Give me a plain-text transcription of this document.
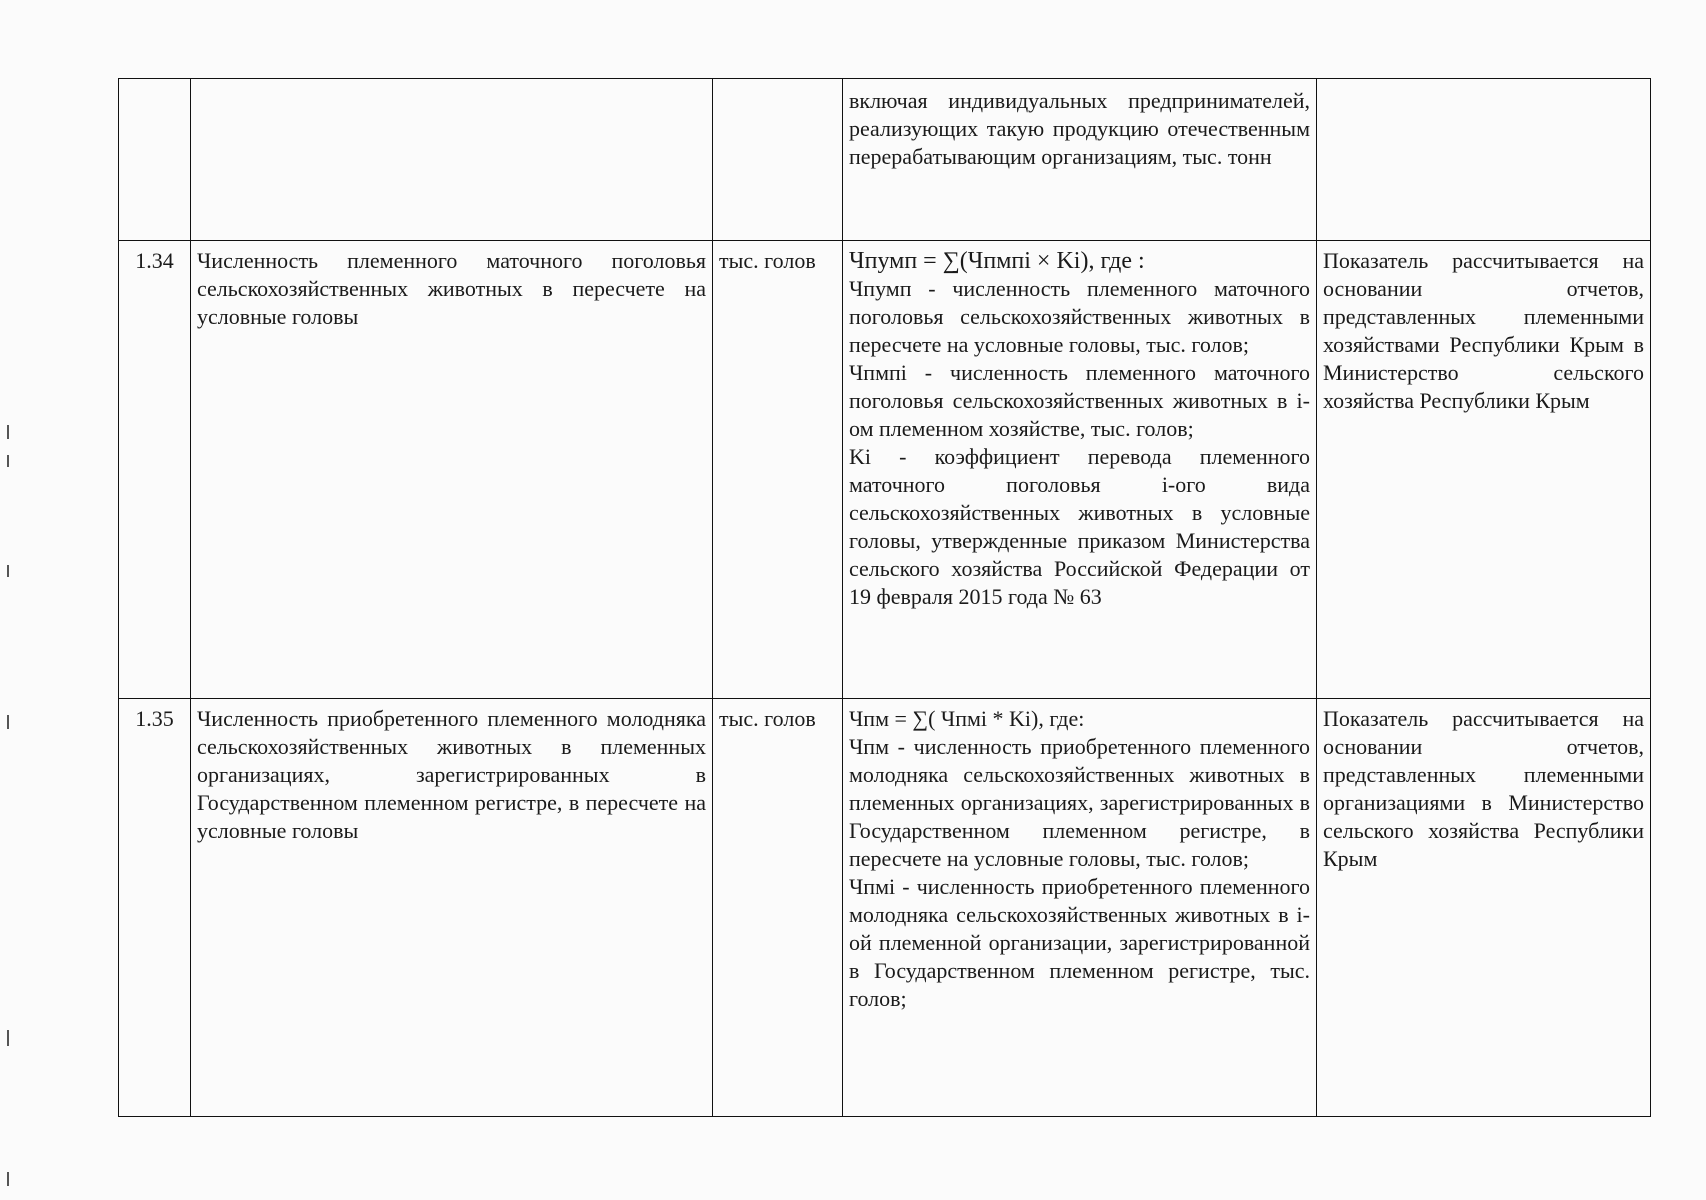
			включая индивидуальных предпринимателей, реализующих такую продукцию отечественным перерабатывающим организациям, тыс. тонн	
1.34	Численность племенного маточного поголовья сельскохозяйственных животных в пересчете на условные головы	тыс. голов	Чпумп = ∑(Чпмпi × Ki), где :
Чпумп - численность племенного маточного поголовья сельскохозяйственных животных в пересчете на условные головы, тыс. голов;
Чпмпi - численность племенного маточного поголовья сельскохозяйственных животных в i-ом племенном хозяйстве, тыс. голов;
Ki - коэффициент перевода племенного маточного поголовья i-ого вида сельскохозяйственных животных в условные головы, утвержденные приказом Министерства сельского хозяйства Российской Федерации от 19 февраля 2015 года № 63	Показатель рассчитывается на основании отчетов, представленных племенными хозяйствами Республики Крым в Министерство сельского хозяйства Республики Крым
1.35	Численность приобретенного племенного молодняка сельскохозяйственных животных в племенных организациях, зарегистрированных в Государственном племенном регистре, в пересчете на условные головы	тыс. голов	Чпм = ∑( Чпмi * Ki), где:
Чпм - численность приобретенного племенного молодняка сельскохозяйственных животных в племенных организациях, зарегистрированных в Государственном племенном регистре, в пересчете на условные головы, тыс. голов;
Чпмi - численность приобретенного племенного молодняка сельскохозяйственных животных в i-ой племенной организации, зарегистрированной в Государственном племенном регистре, тыс. голов;	Показатель рассчитывается на основании отчетов, представленных племенными организациями в Министерство сельского хозяйства Республики Крым
